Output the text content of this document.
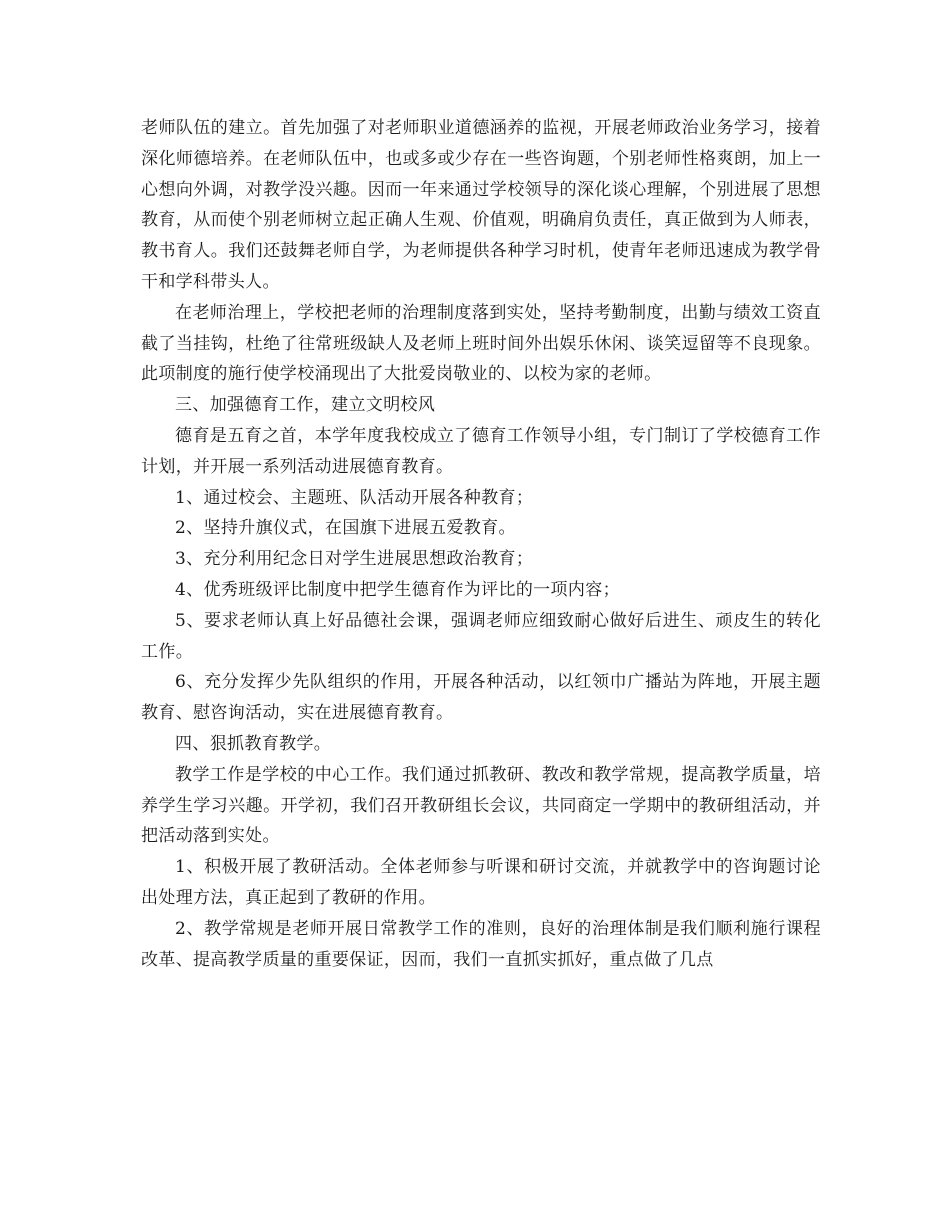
老师队伍的建立。首先加强了对老师职业道德涵养的监视，开展老师政治业务学习，接着深化师德培养。在老师队伍中，也或多或少存在一些咨询题，个别老师性格爽朗，加上一心想向外调，对教学没兴趣。因而一年来通过学校领导的深化谈心理解，个别进展了思想教育，从而使个别老师树立起正确人生观、价值观，明确肩负责任，真正做到为人师表，教书育人。我们还鼓舞老师自学，为老师提供各种学习时机，使青年老师迅速成为教学骨干和学科带头人。

在老师治理上，学校把老师的治理制度落到实处，坚持考勤制度，出勤与绩效工资直截了当挂钩，杜绝了往常班级缺人及老师上班时间外出娱乐休闲、谈笑逗留等不良现象。此项制度的施行使学校涌现出了大批爱岗敬业的、以校为家的老师。

三、加强德育工作，建立文明校风

德育是五育之首，本学年度我校成立了德育工作领导小组，专门制订了学校德育工作计划，并开展一系列活动进展德育教育。

1、通过校会、主题班、队活动开展各种教育；

2、坚持升旗仪式，在国旗下进展五爱教育。

3、充分利用纪念日对学生进展思想政治教育；

4、优秀班级评比制度中把学生德育作为评比的一项内容；

5、要求老师认真上好品德社会课，强调老师应细致耐心做好后进生、顽皮生的转化工作。

6、充分发挥少先队组织的作用，开展各种活动，以红领巾广播站为阵地，开展主题教育、慰咨询活动，实在进展德育教育。

四、狠抓教育教学。

教学工作是学校的中心工作。我们通过抓教研、教改和教学常规，提高教学质量，培养学生学习兴趣。开学初，我们召开教研组长会议，共同商定一学期中的教研组活动，并把活动落到实处。

1、积极开展了教研活动。全体老师参与听课和研讨交流，并就教学中的咨询题讨论出处理方法，真正起到了教研的作用。

2、教学常规是老师开展日常教学工作的准则，良好的治理体制是我们顺利施行课程改革、提高教学质量的重要保证，因而，我们一直抓实抓好，重点做了几点
